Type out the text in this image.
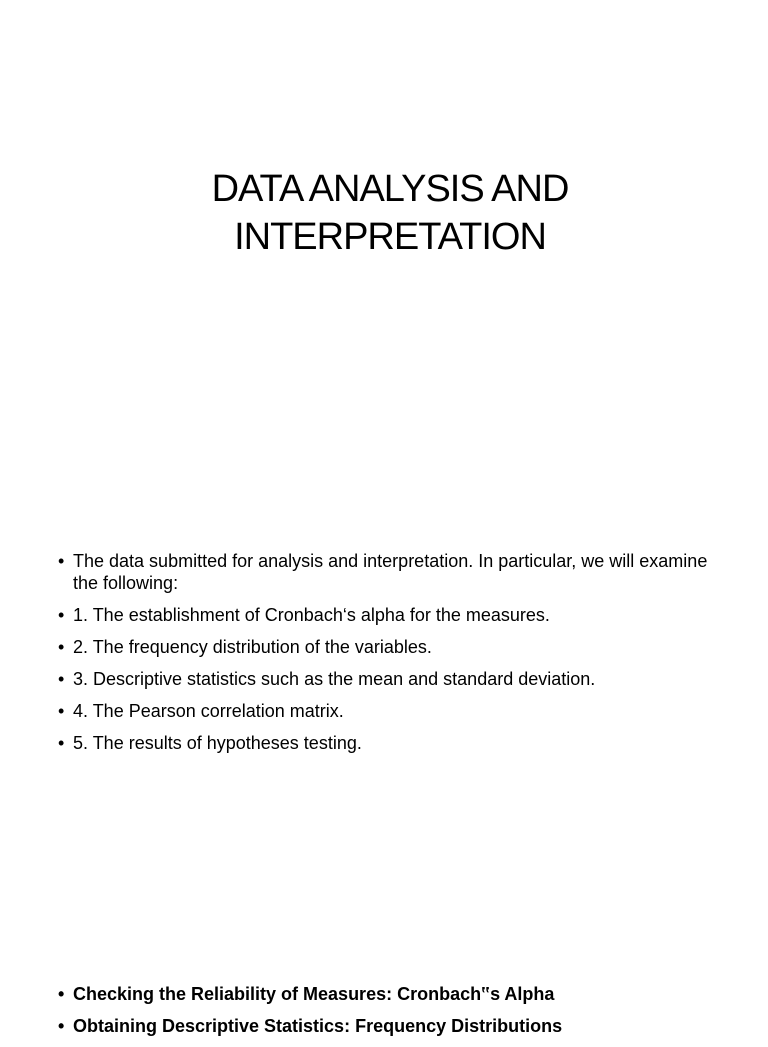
DATA ANALYSIS AND
INTERPRETATION
• The data submitted for analysis and interpretation. In particular, we will examine the following:
• 1. The establishment of Cronbach‘s alpha for the measures.
• 2. The frequency distribution of the variables.
• 3. Descriptive statistics such as the mean and standard deviation.
• 4. The Pearson correlation matrix.
• 5. The results of hypotheses testing.
• Checking the Reliability of Measures: Cronbach‟s Alpha
• Obtaining Descriptive Statistics: Frequency Distributions
